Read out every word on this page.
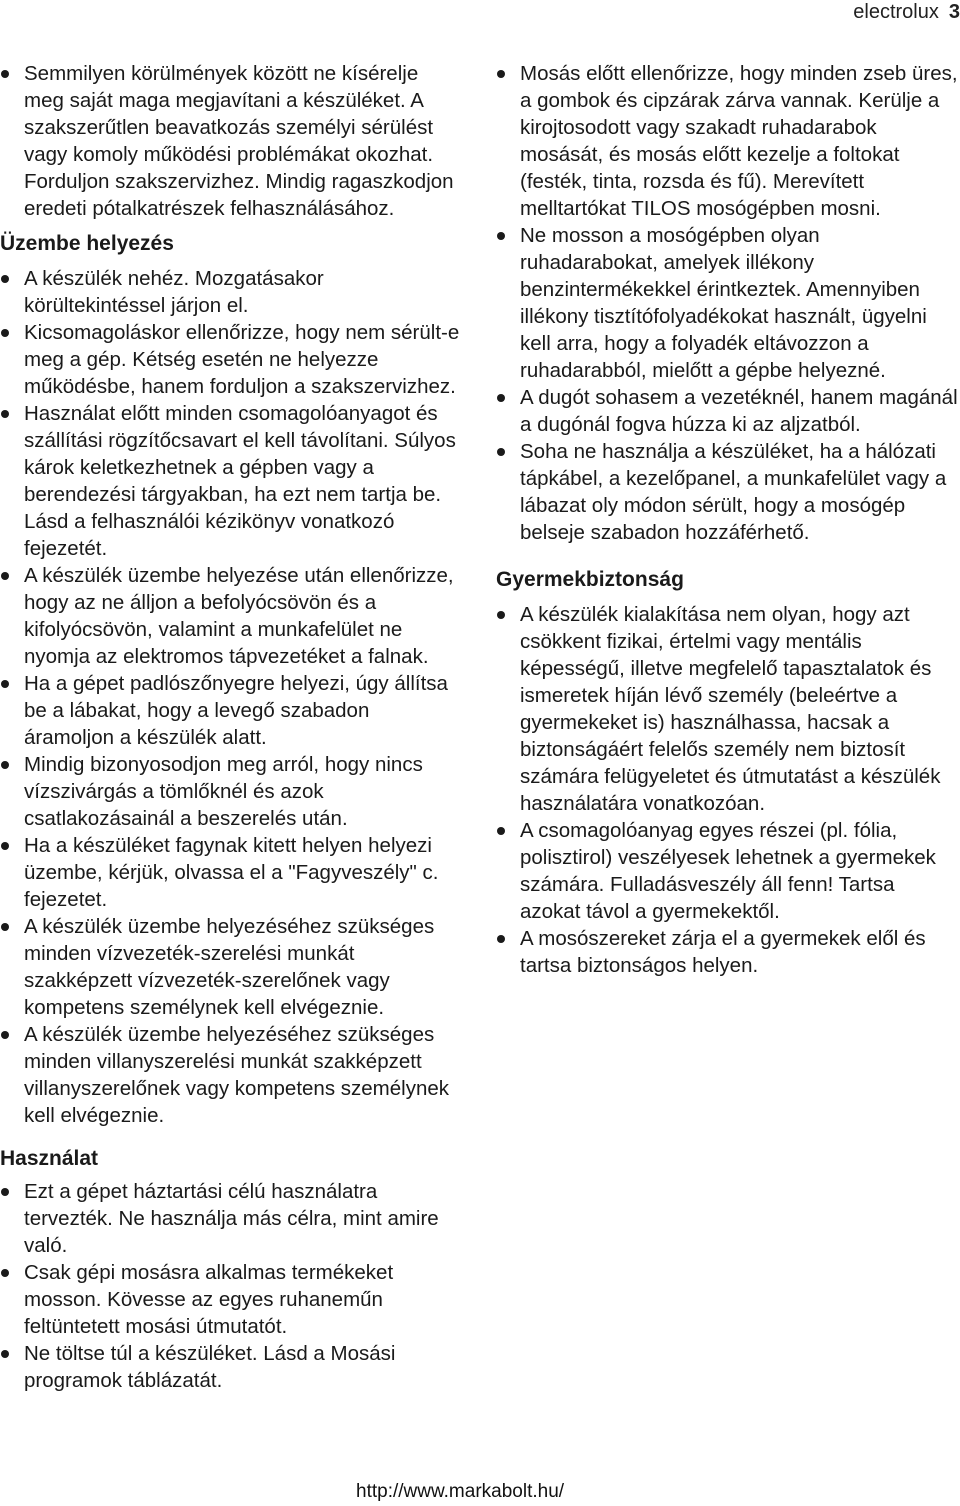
electrolux 3
Semmilyen körülmények között ne kísérelje meg saját maga megjavítani a készüléket. A szakszerűtlen beavatkozás személyi sérülést vagy komoly működési problémákat okozhat. Forduljon szakszervizhez. Mindig ragaszkodjon eredeti pótalkatrészek felhasználásához.
Üzembe helyezés
A készülék nehéz. Mozgatásakor körültekintéssel járjon el.
Kicsomagoláskor ellenőrizze, hogy nem sérült-e meg a gép. Kétség esetén ne helyezze működésbe, hanem forduljon a szakszervizhez.
Használat előtt minden csomagolóanyagot és szállítási rögzítőcsavart el kell távolítani. Súlyos károk keletkezhetnek a gépben vagy a berendezési tárgyakban, ha ezt nem tartja be. Lásd a felhasználói kézikönyv vonatkozó fejezetét.
A készülék üzembe helyezése után ellenőrizze, hogy az ne álljon a befolyócsövön és a kifolyócsövön, valamint a munkafelület ne nyomja az elektromos tápvezetéket a falnak.
Ha a gépet padlószőnyegre helyezi, úgy állítsa be a lábakat, hogy a levegő szabadon áramoljon a készülék alatt.
Mindig bizonyosodjon meg arról, hogy nincs vízszivárgás a tömlőknél és azok csatlakozásainál a beszerelés után.
Ha a készüléket fagynak kitett helyen helyezi üzembe, kérjük, olvassa el a "Fagyveszély" c. fejezetet.
A készülék üzembe helyezéséhez szükséges minden vízvezeték-szerelési munkát szakképzett vízvezeték-szerelőnek vagy kompetens személynek kell elvégeznie.
A készülék üzembe helyezéséhez szükséges minden villanyszerelési munkát szakképzett villanyszerelőnek vagy kompetens személynek kell elvégeznie.
Használat
Ezt a gépet háztartási célú használatra tervezték. Ne használja más célra, mint amire való.
Csak gépi mosásra alkalmas termékeket mosson. Kövesse az egyes ruhaneműn feltüntetett mosási útmutatót.
Ne töltse túl a készüléket. Lásd a Mosási programok táblázatát.
Mosás előtt ellenőrizze, hogy minden zseb üres, a gombok és cipzárak zárva vannak. Kerülje a kirojtosodott vagy szakadt ruhadarabok mosását, és mosás előtt kezelje a foltokat (festék, tinta, rozsda és fű). Merevített melltartókat TILOS mosógépben mosni.
Ne mosson a mosógépben olyan ruhadarabokat, amelyek illékony benzintermékekkel érintkeztek. Amennyiben illékony tisztítófolyadékokat használt, ügyelni kell arra, hogy a folyadék eltávozzon a ruhadarabból, mielőtt a gépbe helyezné.
A dugót sohasem a vezetéknél, hanem magánál a dugónál fogva húzza ki az aljzatból.
Soha ne használja a készüléket, ha a hálózati tápkábel, a kezelőpanel, a munkafelület vagy a lábazat oly módon sérült, hogy a mosógép belseje szabadon hozzáférhető.
Gyermekbiztonság
A készülék kialakítása nem olyan, hogy azt csökkent fizikai, értelmi vagy mentális képességű, illetve megfelelő tapasztalatok és ismeretek híján lévő személy (beleértve a gyermekeket is) használhassa, hacsak a biztonságáért felelős személy nem biztosít számára felügyeletet és útmutatást a készülék használatára vonatkozóan.
A csomagolóanyag egyes részei (pl. fólia, polisztirol) veszélyesek lehetnek a gyermekek számára. Fulladásveszély áll fenn! Tartsa azokat távol a gyermekektől.
A mosószereket zárja el a gyermekek elől és tartsa biztonságos helyen.
http://www.markabolt.hu/
